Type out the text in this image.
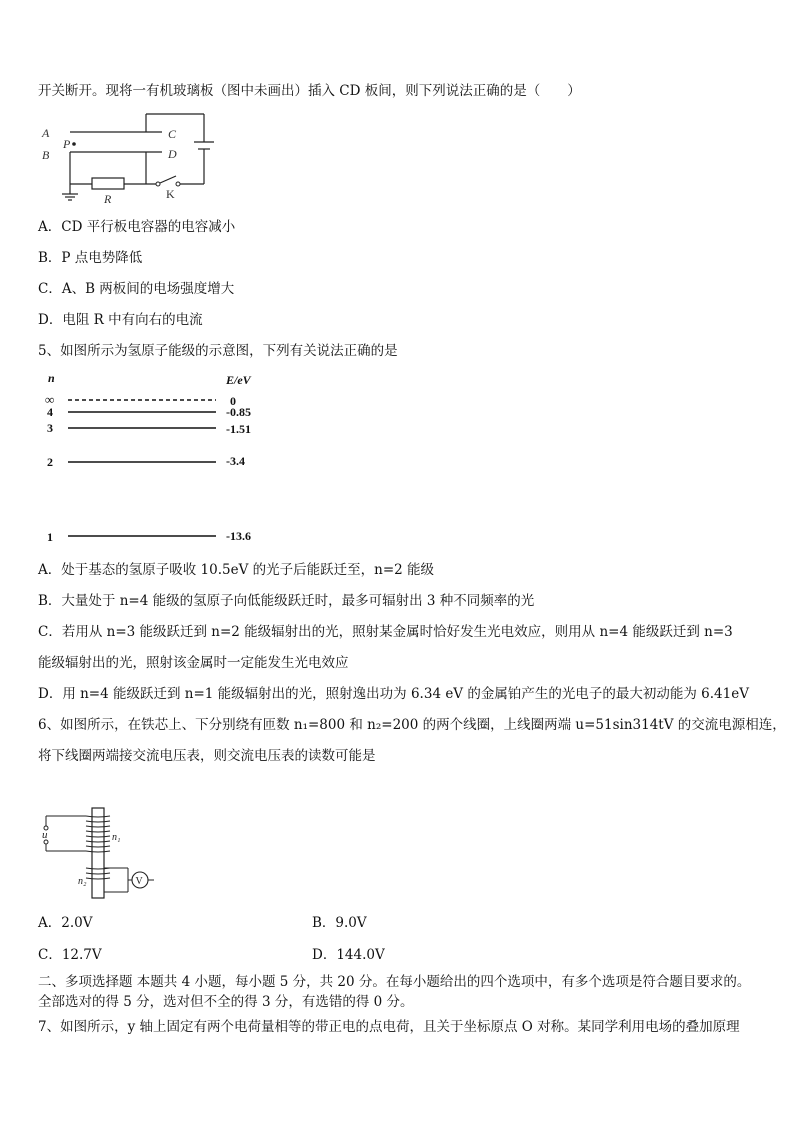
开关断开。现将一有机玻璃板（图中未画出）插入 CD 板间，则下列说法正确的是（　　）
A
B
P
C
D
R	K
A．CD 平行板电容器的电容减小
B．P 点电势降低
C．A、B 两板间的电场强度增大
D．电阻 R 中有向右的电流
5、如图所示为氢原子能级的示意图，下列有关说法正确的是
n	E/eV
∞
4
3
2
1
0
-0.85
-1.51
-3.4
-13.6
A．处于基态的氢原子吸收 10.5eV 的光子后能跃迁至，n=2 能级
B．大量处于 n=4 能级的氢原子向低能级跃迁时，最多可辐射出 3 种不同频率的光
C．若用从 n=3 能级跃迁到 n=2 能级辐射出的光，照射某金属时恰好发生光电效应，则用从 n=4 能级跃迁到 n=3
能级辐射出的光，照射该金属时一定能发生光电效应
D．用 n=4 能级跃迁到 n=1 能级辐射出的光，照射逸出功为 6.34 eV 的金属铂产生的光电子的最大初动能为 6.41eV
6、如图所示，在铁芯上、下分别绕有匝数 n₁=800 和 n₂=200 的两个线圈，上线圈两端 u=51sin314tV 的交流电源相连，
将下线圈两端接交流电压表，则交流电压表的读数可能是
V
u	n₁
n₂
A．2.0V	B．9.0V
C．12.7V	D．144.0V
二、多项选择题 本题共 4 小题，每小题 5 分，共 20 分。在每小题给出的四个选项中，有多个选项是符合题目要求的。
全部选对的得 5 分，选对但不全的得 3 分，有选错的得 0 分。
7、如图所示，y 轴上固定有两个电荷量相等的带正电的点电荷，且关于坐标原点 O 对称。某同学利用电场的叠加原理
